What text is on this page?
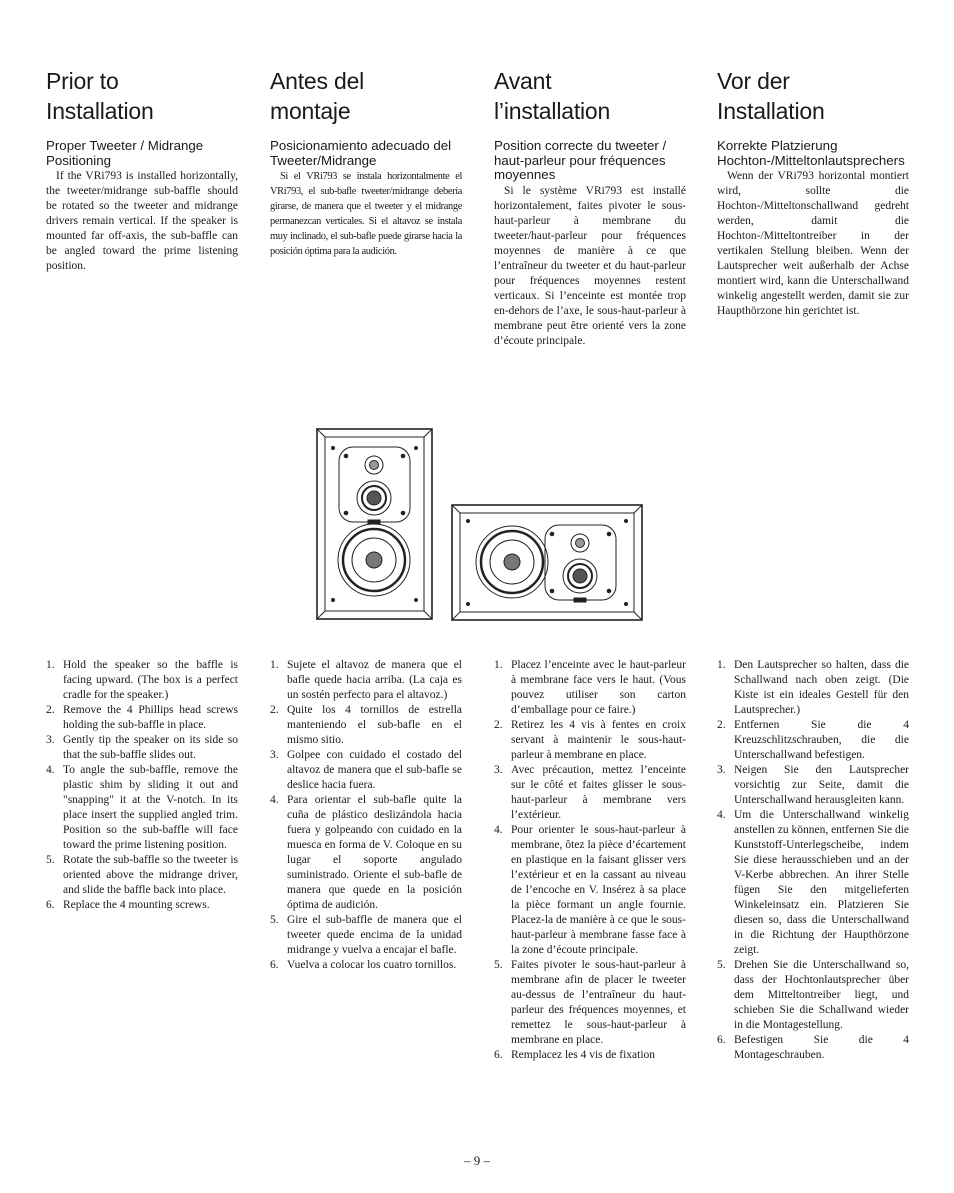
Prior to
Installation
Proper Tweeter / Midrange Positioning

If the VRi793 is installed horizontally, the tweeter/midrange sub-baffle should be rotated so the tweeter and midrange drivers remain vertical. If the speaker is mounted far off-axis, the sub-baffle can be angled toward the prime listening position.

Antes del
montaje
Posicionamiento adecuado del Tweeter/Midrange

Si el VRi793 se instala horizontalmente el VRi793, el sub-bafle tweeter/midrange debería girarse, de manera que el tweeter y el midrange permanezcan verticales. Si el altavoz se instala muy inclinado, el sub-bafle puede girarse hacia la posición óptima para la audición.

Avant
l’installation
Position correcte du tweeter / haut-parleur pour fréquences moyennes

Si le système VRi793 est installé horizontalement, faites pivoter le sous-haut-parleur à membrane du tweeter/haut-parleur pour fréquences moyennes de manière à ce que l’entraîneur du tweeter et du haut-parleur pour fréquences moyennes restent verticaux. Si l’enceinte est montée trop en-dehors de l’axe, le sous-haut-parleur à membrane peut être orienté vers la zone d’écoute principale.

Vor der
Installation
Korrekte Platzierung Hochton-/Mitteltonlautsprechers

Wenn der VRi793 horizontal montiert wird, sollte die Hochton-/Mitteltonschallwand gedreht werden, damit die Hochton-/Mitteltontreiber in der vertikalen Stellung bleiben. Wenn der Lautsprecher weit außerhalb der Achse montiert wird, kann die Unterschallwand winkelig angestellt werden, damit sie zur Haupthörzone hin gerichtet ist.

1. Hold the speaker so the baffle is facing upward. (The box is a perfect cradle for the speaker.)
2. Remove the 4 Phillips head screws holding the sub-baffle in place.
3. Gently tip the speaker on its side so that the sub-baffle slides out.
4. To angle the sub-baffle, remove the plastic shim by sliding it out and "snapping" it at the V-notch. In its place insert the supplied angled trim. Position so the sub-baffle will face toward the prime listening position.
5. Rotate the sub-baffle so the tweeter is oriented above the midrange driver, and slide the baffle back into place.
6. Replace the 4 mounting screws.
1. Sujete el altavoz de manera que el bafle quede hacia arriba. (La caja es un sostén perfecto para el altavoz.)
2. Quite los 4 tornillos de estrella manteniendo el sub-bafle en el mismo sitio.
3. Golpee con cuidado el costado del altavoz de manera que el sub-bafle se deslice hacia fuera.
4. Para orientar el sub-bafle quite la cuña de plástico deslizándola hacia fuera y golpeando con cuidado en la muesca en forma de V. Coloque en su lugar el soporte angulado suministrado. Oriente el sub-bafle de manera que quede en la posición óptima de audición.
5. Gire el sub-baffle de manera que el tweeter quede encima de la unidad midrange y vuelva a encajar el bafle.
6. Vuelva a colocar los cuatro tornillos.
1. Placez l’enceinte avec le haut-parleur à membrane face vers le haut. (Vous pouvez utiliser son carton d’emballage pour ce faire.)
2. Retirez les 4 vis à fentes en croix servant à maintenir le sous-haut-parleur à membrane en place.
3. Avec précaution, mettez l’enceinte sur le côté et faites glisser le sous-haut-parleur à membrane vers l’extérieur.
4. Pour orienter le sous-haut-parleur à membrane, ôtez la pièce d’écartement en plastique en la faisant glisser vers l’extérieur et en la cassant au niveau de l’encoche en V. Insérez à sa place la pièce formant un angle fournie. Placez-la de manière à ce que le sous-haut-parleur à membrane fasse face à la zone d’écoute principale.
5. Faites pivoter le sous-haut-parleur à membrane afin de placer le tweeter au-dessus de l’entraîneur du haut-parleur des fréquences moyennes, et remettez le sous-haut-parleur à membrane en place.
6. Remplacez les 4 vis de fixation
1. Den Lautsprecher so halten, dass die Schallwand nach oben zeigt. (Die Kiste ist ein ideales Gestell für den Lautsprecher.)
2. Entfernen Sie die 4 Kreuzschlitzschrauben, die die Unterschallwand befestigen.
3. Neigen Sie den Lautsprecher vorsichtig zur Seite, damit die Unterschallwand herausgleiten kann.
4. Um die Unterschallwand winkelig anstellen zu können, entfernen Sie die Kunststoff-Unterlegscheibe, indem Sie diese herausschieben und an der V-Kerbe abbrechen. An ihrer Stelle fügen Sie den mitgelieferten Winkeleinsatz ein. Platzieren Sie diesen so, dass die Unterschallwand in die Richtung der Haupthörzone zeigt.
5. Drehen Sie die Unterschallwand so, dass der Hochtonlautsprecher über dem Mitteltontreiber liegt, und schieben Sie die Schallwand wieder in die Montagestellung.
6. Befestigen Sie die 4 Montageschrauben.
– 9 –
